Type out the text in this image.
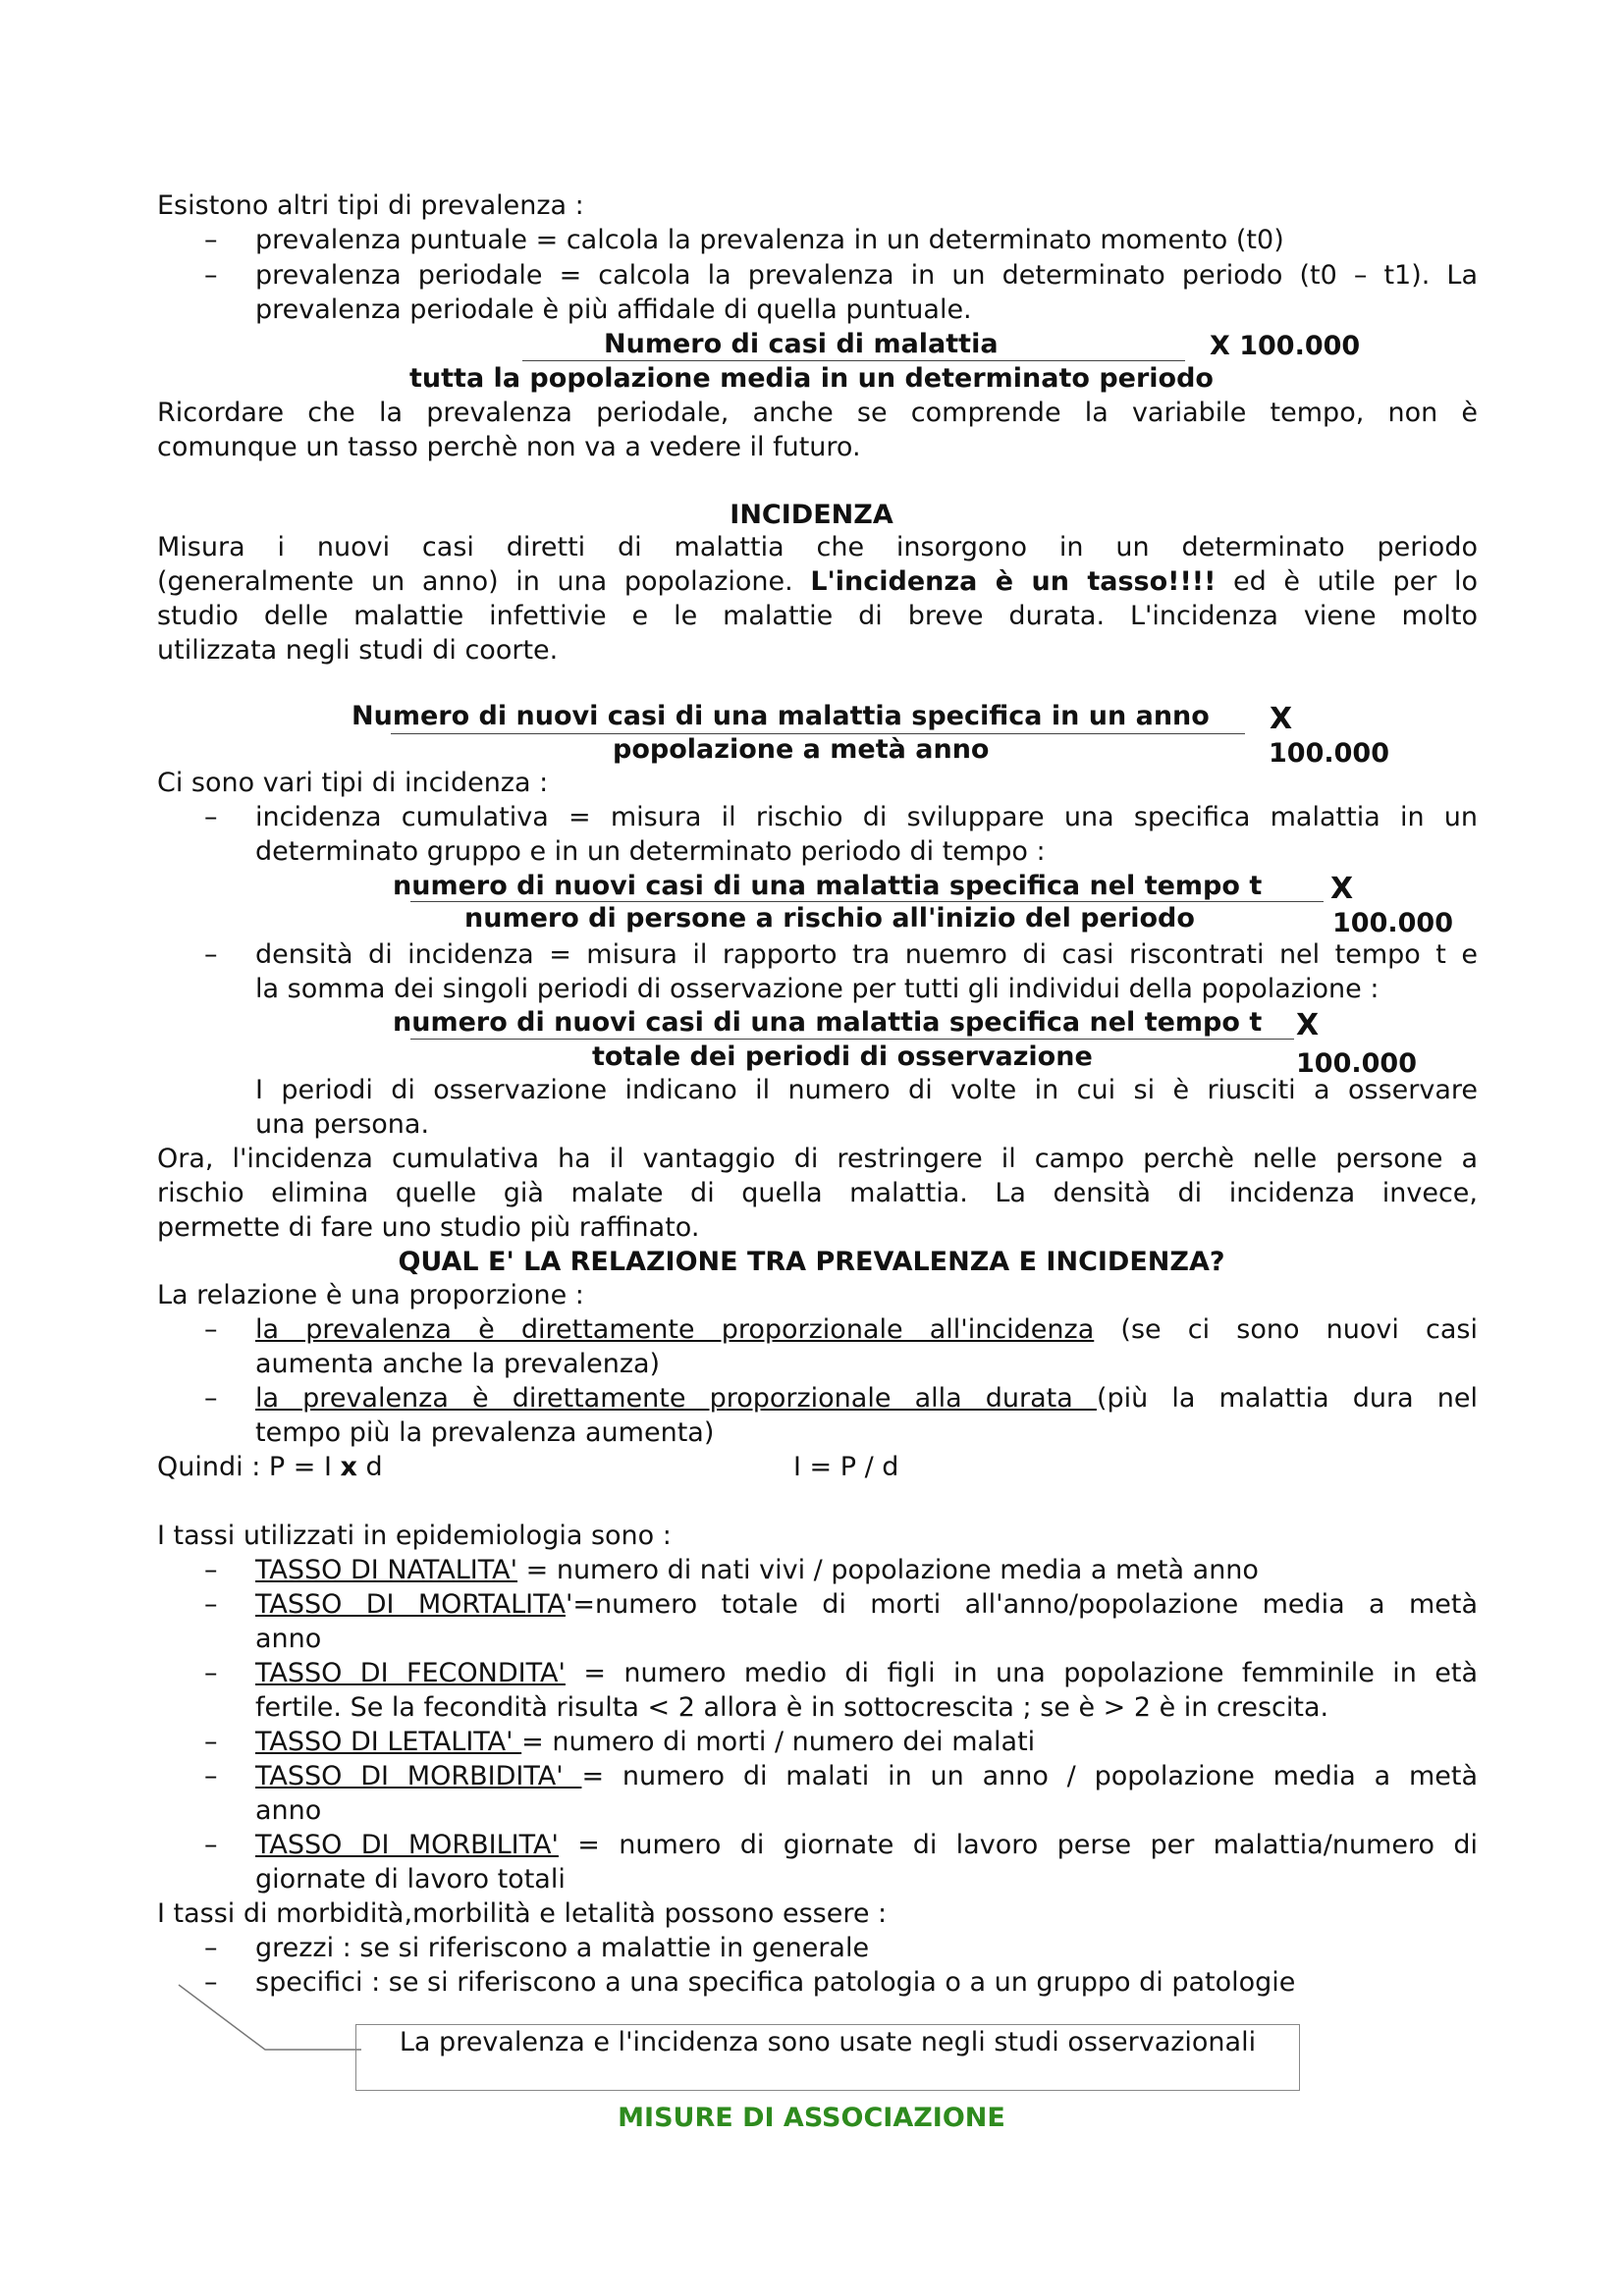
Esistono altri tipi di prevalenza :
– prevalenza puntuale = calcola la prevalenza in un determinato momento (t0)
– prevalenza periodale = calcola la prevalenza in un determinato periodo (t0 – t1). La
prevalenza periodale è più affidale di quella puntuale.
Numero di casi di malattia	X 100.000
tutta la popolazione media in un determinato periodo
Ricordare che la prevalenza periodale, anche se comprende la variabile tempo, non è
comunque un tasso perchè non va a vedere il futuro.
INCIDENZA
Misura i nuovi casi diretti di malattia che insorgono in un determinato periodo
(generalmente un anno) in una popolazione. L'incidenza è un tasso!!!! ed è utile per lo
studio delle malattie infettivie e le malattie di breve durata. L'incidenza viene molto
utilizzata negli studi di coorte.
Numero di nuovi casi di una malattia specifica in un anno X
popolazione a metà anno	100.000
Ci sono vari tipi di incidenza :
– incidenza cumulativa = misura il rischio di sviluppare una specifica malattia in un
determinato gruppo e in un determinato periodo di tempo :
numero di nuovi casi di una malattia specifica nel tempo t X
numero di persone a rischio all'inizio del periodo	100.000
– densità di incidenza = misura il rapporto tra nuemro di casi riscontrati nel tempo t e
la somma dei singoli periodi di osservazione per tutti gli individui della popolazione :
numero di nuovi casi di una malattia specifica nel tempo t X
totale dei periodi di osservazione	100.000
I periodi di osservazione indicano il numero di volte in cui si è riusciti a osservare
una persona.
Ora, l'incidenza cumulativa ha il vantaggio di restringere il campo perchè nelle persone a
rischio elimina quelle già malate di quella malattia. La densità di incidenza invece,
permette di fare uno studio più raffinato.
QUAL E' LA RELAZIONE TRA PREVALENZA E INCIDENZA?
La relazione è una proporzione :
– la prevalenza è direttamente proporzionale all'incidenza (se ci sono nuovi casi
aumenta anche la prevalenza)
– la prevalenza è direttamente proporzionale alla durata (più la malattia dura nel
tempo più la prevalenza aumenta)
Quindi : P = I x d	I = P / d
I tassi utilizzati in epidemiologia sono :
– TASSO DI NATALITA' = numero di nati vivi / popolazione media a metà anno
– TASSO DI MORTALITA'=numero totale di morti all'anno/popolazione media a metà
anno
– TASSO DI FECONDITA' = numero medio di figli in una popolazione femminile in età
fertile. Se la fecondità risulta < 2 allora è in sottocrescita ; se è > 2 è in crescita.
– TASSO DI LETALITA' = numero di morti / numero dei malati
– TASSO DI MORBIDITA' = numero di malati in un anno / popolazione media a metà
anno
– TASSO DI MORBILITA' = numero di giornate di lavoro perse per malattia/numero di
giornate di lavoro totali
I tassi di morbidità,morbilità e letalità possono essere :
– grezzi : se si riferiscono a malattie in generale
– specifici : se si riferiscono a una specifica patologia o a un gruppo di patologie
La prevalenza e l'incidenza sono usate negli studi osservazionali
MISURE DI ASSOCIAZIONE
